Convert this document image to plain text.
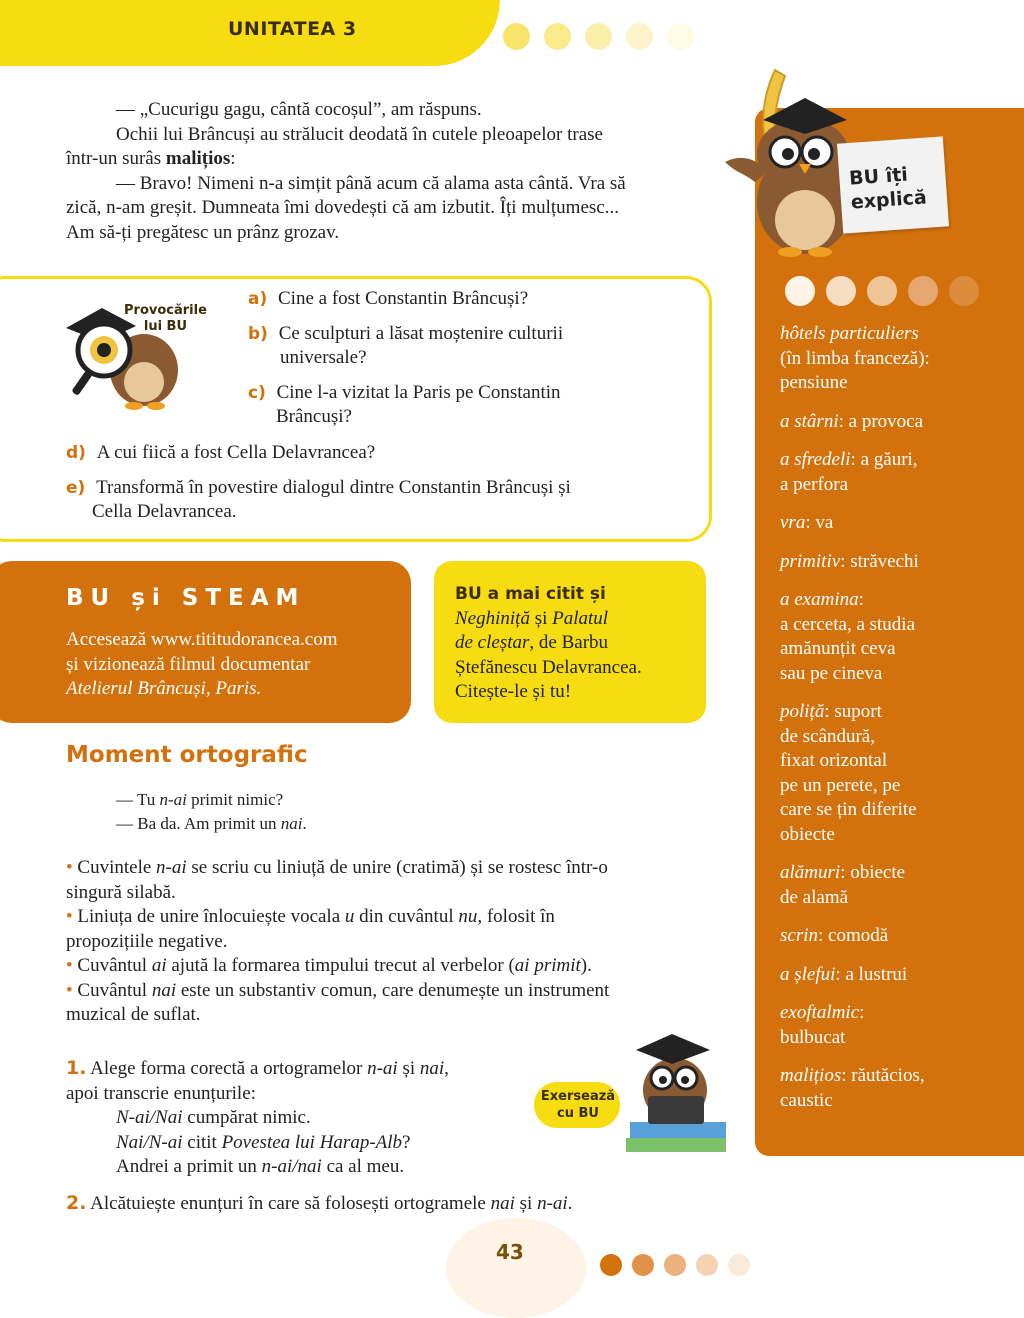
UNITATEA 3
— „Cucurigu gagu, cântă cocoșul”, am răspuns.
Ochii lui Brâncuși au strălucit deodată în cutele pleoapelor trase
într-un surâs malițios:
— Bravo! Nimeni n-a simțit până acum că alama asta cântă. Vra să
zică, n-am greșit. Dumneata îmi dovedești că am izbutit. Îți mulțumesc...
Am să-ți pregătesc un prânz grozav.
BU îți
explică
hôtels particuliers
(în limba franceză):
pensiune
a stârni: a provoca
a sfredeli: a găuri,
a perfora
vra: va
primitiv: străvechi
a examina:
a cerceta, a studia
amănunțit ceva
sau pe cineva
poliță: suport
de scândură,
fixat orizontal
pe un perete, pe
care se țin diferite
obiecte
alămuri: obiecte
de alamă
scrin: comodă
a șlefui: a lustrui
exoftalmic:
bulbucat
malițios: răutăcios,
caustic
Provocările
lui BU
a) Cine a fost Constantin Brâncuși?
b) Ce sculpturi a lăsat moștenire culturii
universale?
c) Cine l-a vizitat la Paris pe Constantin
Brâncuși?
d) A cui fiică a fost Cella Delavrancea?
e) Transformă în povestire dialogul dintre Constantin Brâncuși și
Cella Delavrancea.
BU și STEAM
Accesează www.tititudorancea.com
și vizionează filmul documentar
Atelierul Brâncuși, Paris.
BU a mai citit și
Neghiniță și Palatul
de cleștar, de Barbu
Ștefănescu Delavrancea.
Citește-le și tu!
Moment ortografic
— Tu n-ai primit nimic?
— Ba da. Am primit un nai.
• Cuvintele n-ai se scriu cu liniuță de unire (cratimă) și se rostesc într-o
singură silabă.
• Liniuța de unire înlocuiește vocala u din cuvântul nu, folosit în
propozițiile negative.
• Cuvântul ai ajută la formarea timpului trecut al verbelor (ai primit).
• Cuvântul nai este un substantiv comun, care denumește un instrument
muzical de suflat.
1. Alege forma corectă a ortogramelor n-ai și nai,
apoi transcrie enunțurile:
N-ai/Nai cumpărat nimic.
Nai/N-ai citit Povestea lui Harap-Alb?
Andrei a primit un n-ai/nai ca al meu.
2. Alcătuiește enunțuri în care să folosești ortogramele nai și n-ai.
Exersează
cu BU
43
